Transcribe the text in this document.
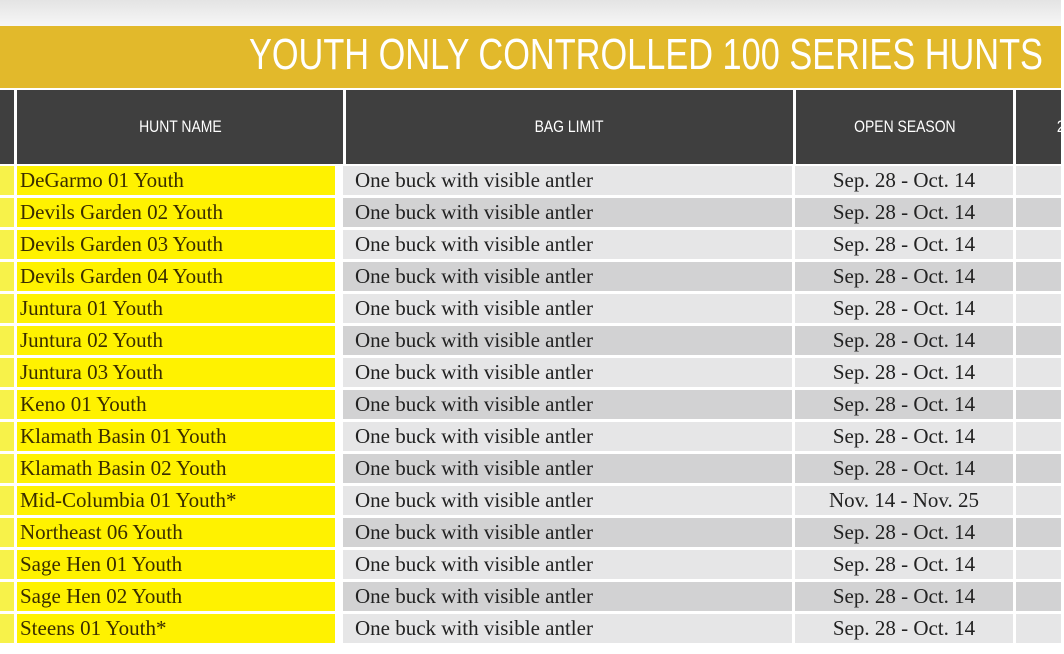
YOUTH ONLY CONTROLLED 100 SERIES HUNTS
HUNT NAME	BAG LIMIT	OPEN SEASON	2
DeGarmo 01 Youth	One buck with visible antler	Sep. 28 - Oct. 14
Devils Garden 02 Youth	One buck with visible antler	Sep. 28 - Oct. 14
Devils Garden 03 Youth	One buck with visible antler	Sep. 28 - Oct. 14
Devils Garden 04 Youth	One buck with visible antler	Sep. 28 - Oct. 14
Juntura 01 Youth	One buck with visible antler	Sep. 28 - Oct. 14
Juntura 02 Youth	One buck with visible antler	Sep. 28 - Oct. 14
Juntura 03 Youth	One buck with visible antler	Sep. 28 - Oct. 14
Keno 01 Youth	One buck with visible antler	Sep. 28 - Oct. 14
Klamath Basin 01 Youth	One buck with visible antler	Sep. 28 - Oct. 14
Klamath Basin 02 Youth	One buck with visible antler	Sep. 28 - Oct. 14
Mid-Columbia 01 Youth*	One buck with visible antler	Nov. 14 - Nov. 25
Northeast 06 Youth	One buck with visible antler	Sep. 28 - Oct. 14
Sage Hen 01 Youth	One buck with visible antler	Sep. 28 - Oct. 14
Sage Hen 02 Youth	One buck with visible antler	Sep. 28 - Oct. 14
Steens 01 Youth*	One buck with visible antler	Sep. 28 - Oct. 14
